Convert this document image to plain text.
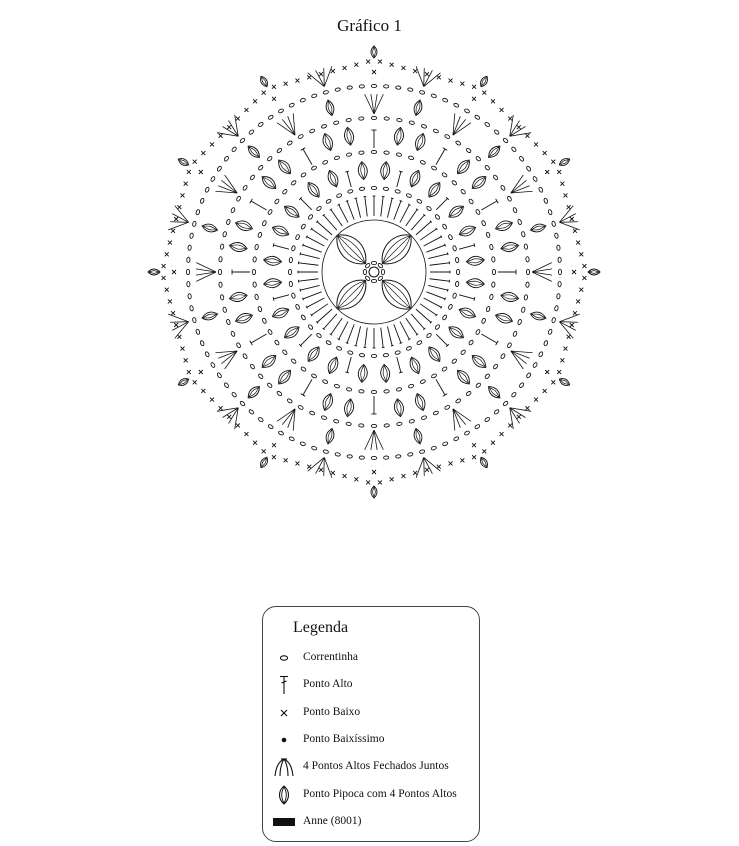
Gráfico 1
Legenda
Correntinha
Ponto Alto
Ponto Baixo
Ponto Baixíssimo
4 Pontos Altos Fechados Juntos
Ponto Pipoca com 4 Pontos Altos
Anne (8001)
